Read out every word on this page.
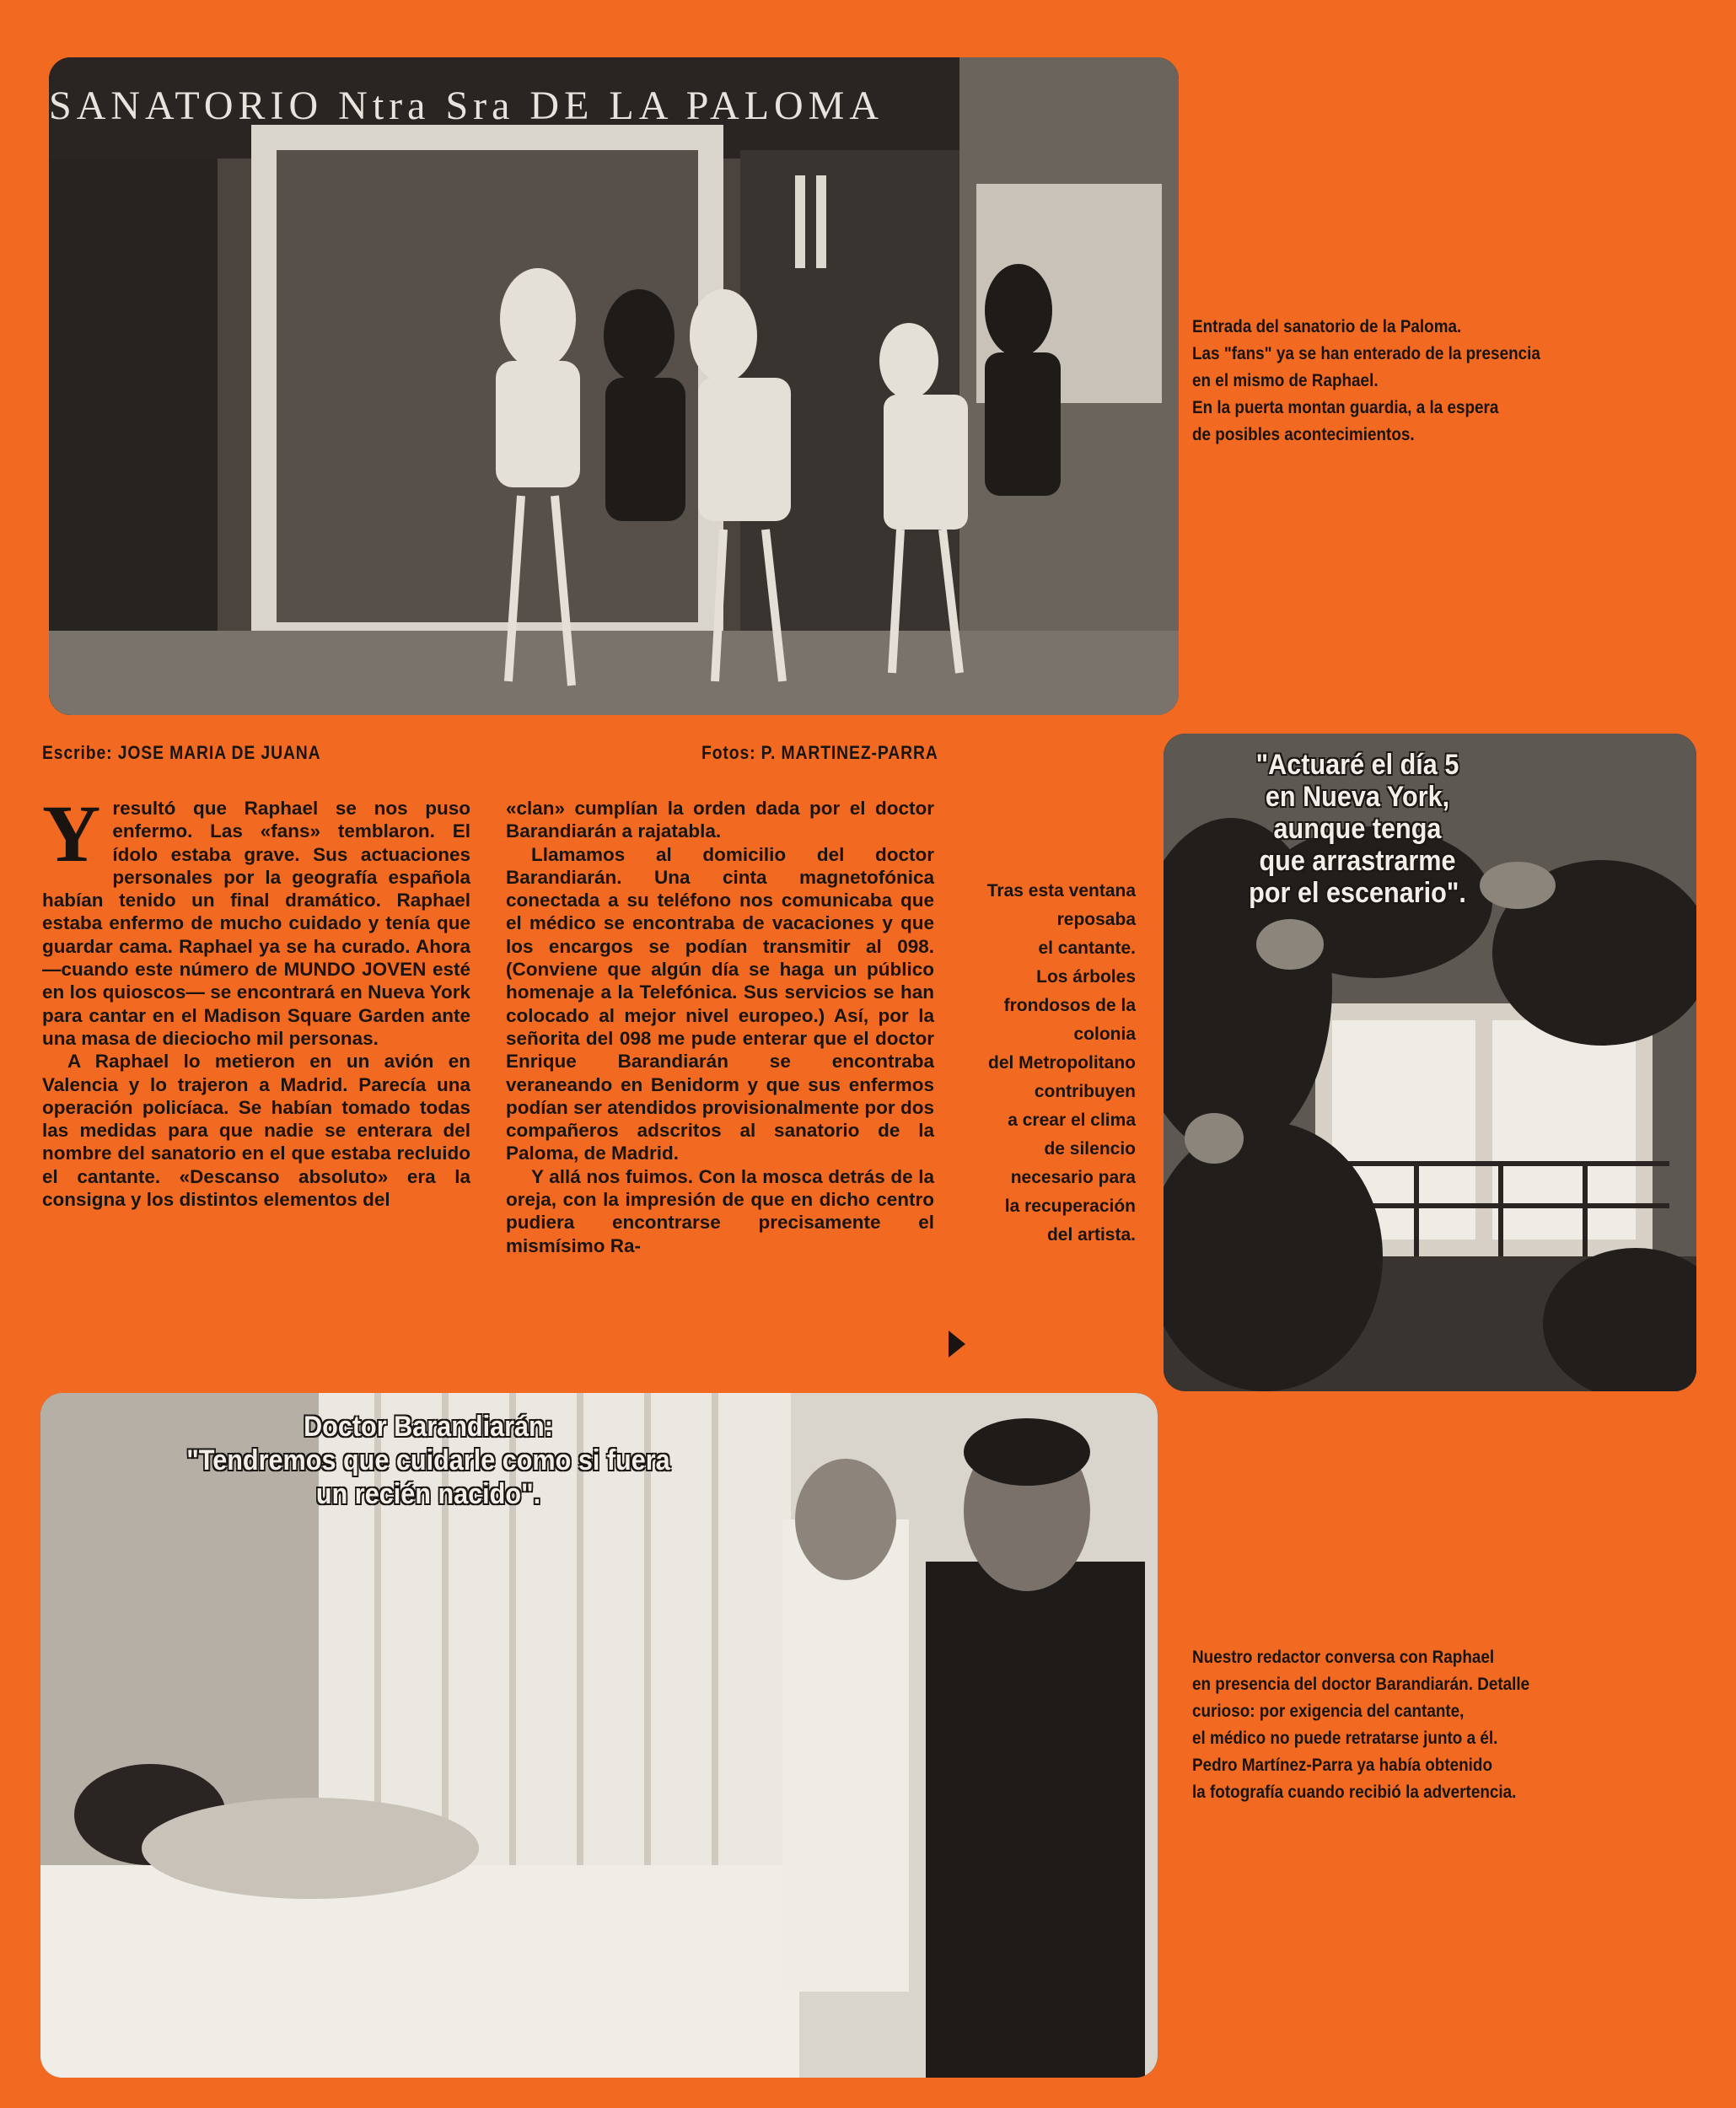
SANATORIO Ntra Sra DE LA PALOMA
Entrada del sanatorio de la Paloma.
Las "fans" ya se han enterado de la presencia
en el mismo de Raphael.
En la puerta montan guardia, a la espera
de posibles acontecimientos.
Escribe: JOSE MARIA DE JUANA	Fotos: P. MARTINEZ-PARRA

Yresultó que Raphael se nos puso enfermo. Las «fans» temblaron. El ídolo estaba grave. Sus actuaciones personales por la geografía española habían tenido un final dramático. Raphael estaba enfermo de mucho cuidado y tenía que guardar cama. Raphael ya se ha curado. Ahora —cuando este número de MUNDO JOVEN esté en los quioscos— se encontrará en Nueva York para cantar en el Madison Square Garden ante una masa de dieciocho mil personas.

A Raphael lo metieron en un avión en Valencia y lo trajeron a Madrid. Parecía una operación policíaca. Se habían tomado todas las medidas para que nadie se enterara del nombre del sanatorio en el que estaba recluido el cantante. «Descanso absoluto» era la consigna y los distintos elementos del

«clan» cumplían la orden dada por el doctor Barandiarán a rajatabla.

Llamamos al domicilio del doctor Barandiarán. Una cinta magnetofónica conectada a su teléfono nos comunicaba que el médico se encontraba de vacaciones y que los encargos se podían transmitir al 098. (Conviene que algún día se haga un público homenaje a la Telefónica. Sus servicios se han colocado al mejor nivel europeo.) Así, por la señorita del 098 me pude enterar que el doctor Enrique Barandiarán se encontraba veraneando en Benidorm y que sus enfermos podían ser atendidos provisionalmente por dos compañeros adscritos al sanatorio de la Paloma, de Madrid.

Y allá nos fuimos. Con la mosca detrás de la oreja, con la impresión de que en dicho centro pudiera encontrarse precisamente el mismísimo Ra-

Tras esta ventana
reposaba
el cantante.
Los árboles
frondosos de la
colonia
del Metropolitano
contribuyen
a crear el clima
de silencio
necesario para
la recuperación
del artista.
"Actuaré el día 5
en Nueva York,
aunque tenga
que arrastrarme
por el escenario".
Doctor Barandiarán:
"Tendremos que cuidarle como si fuera
un recién nacido".
Nuestro redactor conversa con Raphael
en presencia del doctor Barandiarán. Detalle
curioso: por exigencia del cantante,
el médico no puede retratarse junto a él.
Pedro Martínez-Parra ya había obtenido
la fotografía cuando recibió la advertencia.
